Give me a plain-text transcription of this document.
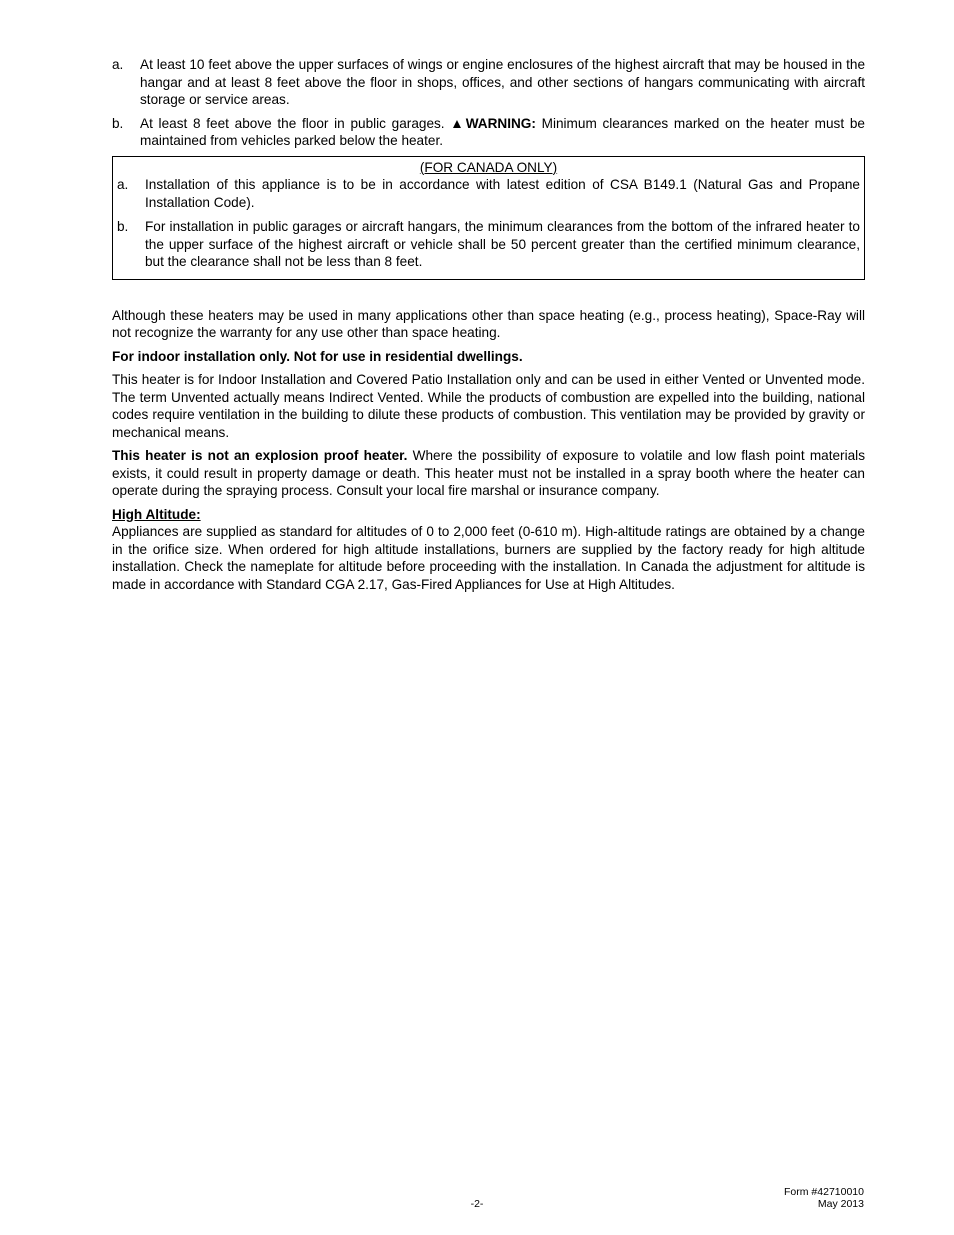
a.	At least 10 feet above the upper surfaces of wings or engine enclosures of the highest aircraft that may be housed in the hangar and at least 8 feet above the floor in shops, offices, and other sections of hangars communicating with aircraft storage or service areas.
b.	At least 8 feet above the floor in public garages. ▲WARNING: Minimum clearances marked on the heater must be maintained from vehicles parked below the heater.
(FOR CANADA ONLY)
a.	Installation of this appliance is to be in accordance with latest edition of CSA B149.1 (Natural Gas and Propane Installation Code).
b.	For installation in public garages or aircraft hangars, the minimum clearances from the bottom of the infrared heater to the upper surface of the highest aircraft or vehicle shall be 50 percent greater than the certified minimum clearance, but the clearance shall not be less than 8 feet.

Although these heaters may be used in many applications other than space heating (e.g., process heating), Space-Ray will not recognize the warranty for any use other than space heating.

For indoor installation only. Not for use in residential dwellings.

This heater is for Indoor Installation and Covered Patio Installation only and can be used in either Vented or Unvented mode. The term Unvented actually means Indirect Vented. While the products of combustion are expelled into the building, national codes require ventilation in the building to dilute these products of combustion. This ventilation may be provided by gravity or mechanical means.

This heater is not an explosion proof heater. Where the possibility of exposure to volatile and low flash point materials exists, it could result in property damage or death. This heater must not be installed in a spray booth where the heater can operate during the spraying process. Consult your local fire marshal or insurance company.

High Altitude:

Appliances are supplied as standard for altitudes of 0 to 2,000 feet (0-610 m). High-altitude ratings are obtained by a change in the orifice size. When ordered for high altitude installations, burners are supplied by the factory ready for high altitude installation. Check the nameplate for altitude before proceeding with the installation. In Canada the adjustment for altitude is made in accordance with Standard CGA 2.17, Gas-Fired Appliances for Use at High Altitudes.

-2-
Form #42710010
May 2013
